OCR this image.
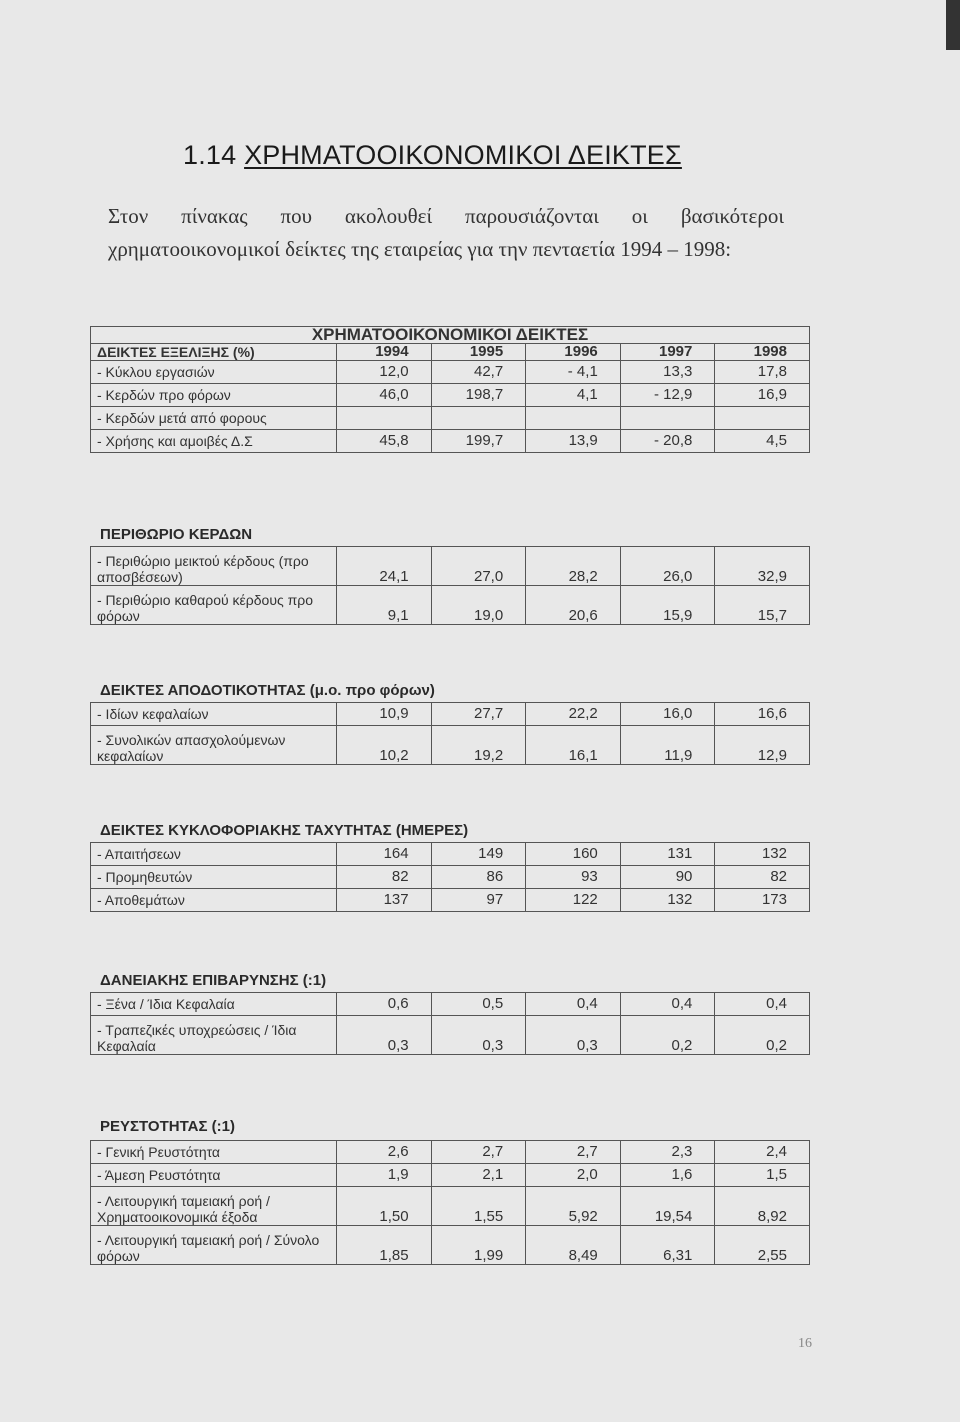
1.14 ΧΡΗΜΑΤΟΟΙΚΟΝΟΜΙΚΟΙ ΔΕΙΚΤΕΣ

Στον πίνακας που ακολουθεί παρουσιάζονται οι βασικότεροι χρηματοοικονομικοί δείκτες της εταιρείας για την πενταετία 1994 – 1998:

ΧΡΗΜΑΤΟΟΙΚΟΝΟΜΙΚΟΙ ΔΕΙΚΤΕΣ					
ΔΕΙΚΤΕΣ ΕΞΕΛΙΞΗΣ (%)	1994	1995	1996	1997	1998
- Κύκλου εργασιών	12,0	42,7	- 4,1	13,3	17,8
- Κερδών προ φόρων	46,0	198,7	4,1	- 12,9	16,9
- Κερδών μετά από φορους					
- Χρήσης και αμοιβές Δ.Σ	45,8	199,7	13,9	- 20,8	4,5
ΠΕΡΙΘΩΡΙΟ ΚΕΡΔΩΝ
- Περιθώριο μεικτού κέρδους (προ αποσβέσεων)	24,1	27,0	28,2	26,0	32,9
- Περιθώριο καθαρού κέρδους προ φόρων	9,1	19,0	20,6	15,9	15,7
ΔΕΙΚΤΕΣ ΑΠΟΔΟΤΙΚΟΤΗΤΑΣ (μ.ο. προ φόρων)
- Ιδίων κεφαλαίων	10,9	27,7	22,2	16,0	16,6
- Συνολικών απασχολούμενων κεφαλαίων	10,2	19,2	16,1	11,9	12,9
ΔΕΙΚΤΕΣ ΚΥΚΛΟΦΟΡΙΑΚΗΣ ΤΑΧΥΤΗΤΑΣ (ΗΜΕΡΕΣ)
- Απαιτήσεων	164	149	160	131	132
- Προμηθευτών	82	86	93	90	82
- Αποθεμάτων	137	97	122	132	173
ΔΑΝΕΙΑΚΗΣ ΕΠΙΒΑΡΥΝΣΗΣ (:1)
- Ξένα / Ίδια Κεφαλαία	0,6	0,5	0,4	0,4	0,4
- Τραπεζικές υποχρεώσεις / Ίδια Κεφαλαία	0,3	0,3	0,3	0,2	0,2
ΡΕΥΣΤΟΤΗΤΑΣ (:1)
- Γενική Ρευστότητα	2,6	2,7	2,7	2,3	2,4
- Άμεση Ρευστότητα	1,9	2,1	2,0	1,6	1,5
- Λειτουργική ταμειακή ροή / Χρηματοοικονομικά έξοδα	1,50	1,55	5,92	19,54	8,92
- Λειτουργική ταμειακή ροή / Σύνολο φόρων	1,85	1,99	8,49	6,31	2,55
16
